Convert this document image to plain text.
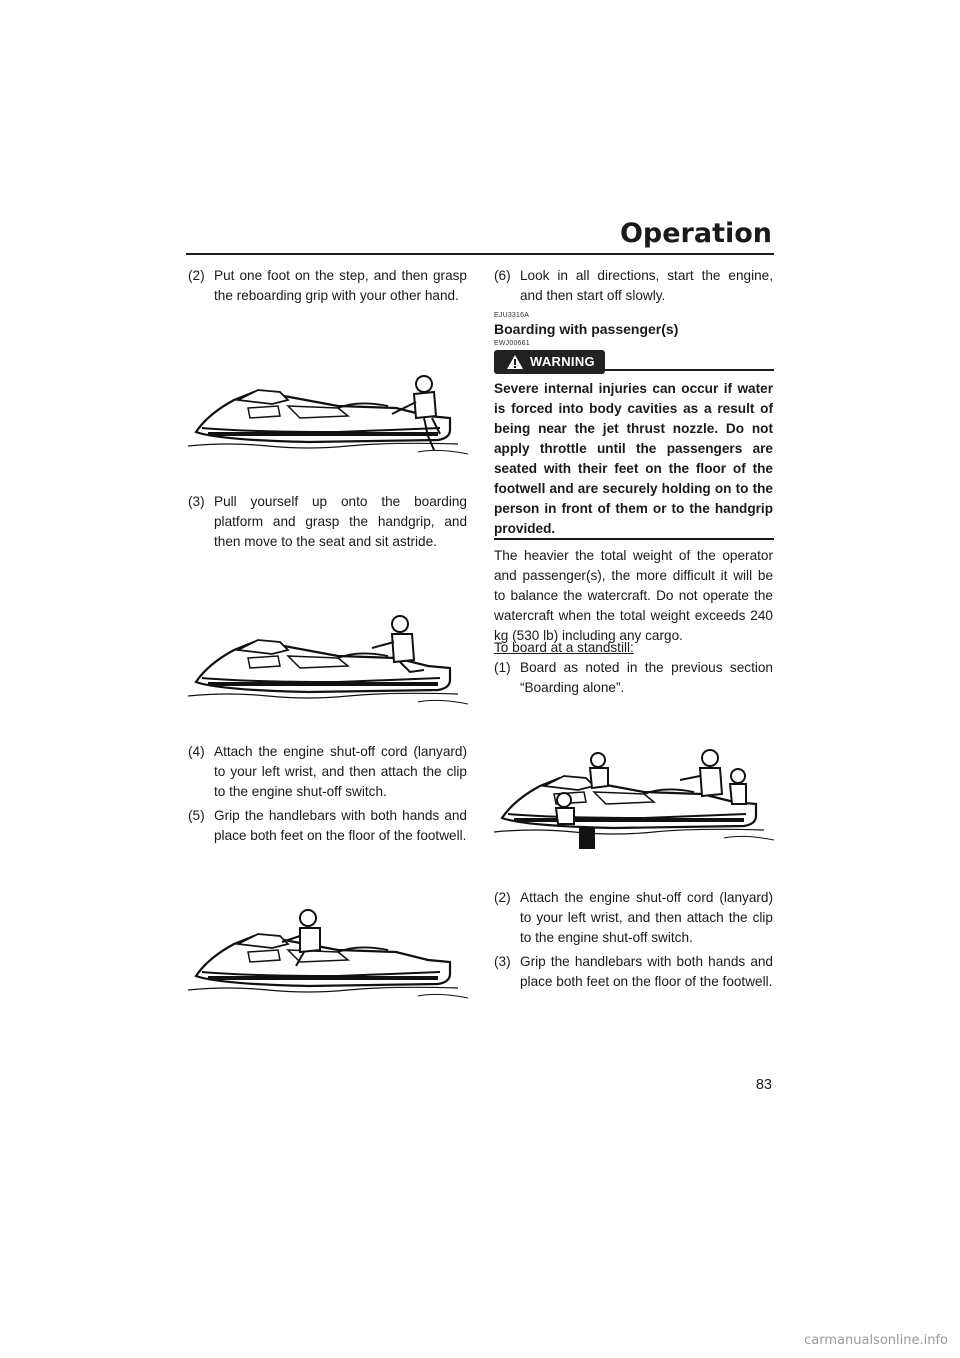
Operation
(2) Put one foot on the step, and then grasp the reboarding grip with your other hand.
(3) Pull yourself up onto the boarding platform and grasp the handgrip, and then move to the seat and sit astride.
(4) Attach the engine shut-off cord (lanyard) to your left wrist, and then attach the clip to the engine shut-off switch.
(5) Grip the handlebars with both hands and place both feet on the floor of the footwell.
(6) Look in all directions, start the engine, and then start off slowly.
EJU3316A
Boarding with passenger(s)
EWJ00661
WARNING
Severe internal injuries can occur if water is forced into body cavities as a result of being near the jet thrust nozzle. Do not apply throttle until the passengers are seated with their feet on the floor of the footwell and are securely holding on to the person in front of them or to the handgrip provided.
The heavier the total weight of the operator and passenger(s), the more difficult it will be to balance the watercraft. Do not operate the watercraft when the total weight exceeds 240 kg (530 lb) including any cargo.
To board at a standstill:
(1) Board as noted in the previous section “Boarding alone”.
(2) Attach the engine shut-off cord (lanyard) to your left wrist, and then attach the clip to the engine shut-off switch.
(3) Grip the handlebars with both hands and place both feet on the floor of the footwell.
83
carmanualsonline.info
